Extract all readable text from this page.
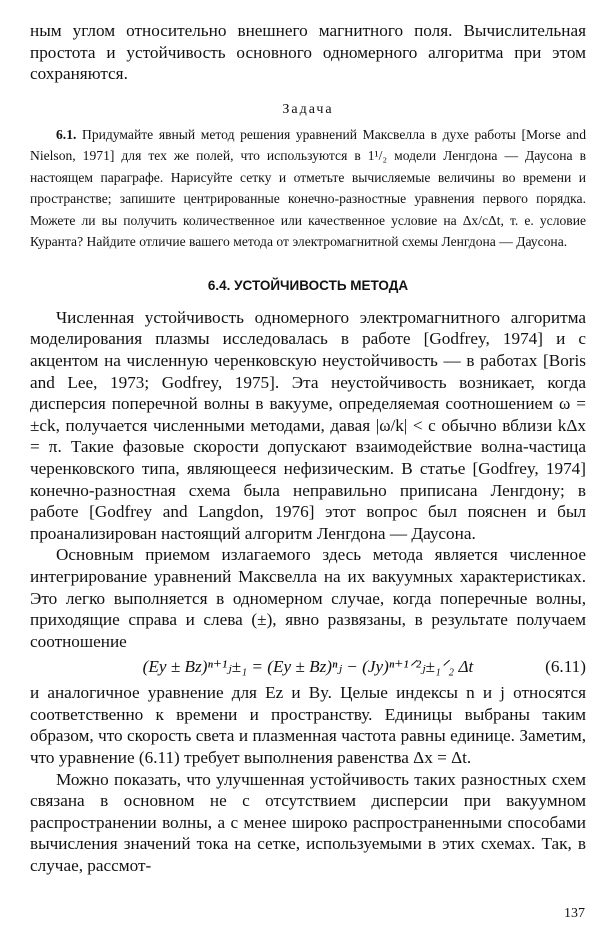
ным углом относительно внешнего магнитного поля. Вычислительная простота и устойчивость основного одномерного алгоритма при этом сохраняются.

Задача

6.1. Придумайте явный метод решения уравнений Максвелла в духе работы [Morse and Nielson, 1971] для тех же полей, что используются в 1¹/₂ модели Ленгдона — Даусона в настоящем параграфе. Нарисуйте сетку и отметьте вычисляемые величины во времени и пространстве; запишите центрированные конечно-разностные уравнения первого порядка. Можете ли вы получить количественное или качественное условие на Δx/cΔt, т. е. условие Куранта? Найдите отличие вашего метода от электромагнитной схемы Ленгдона — Даусона.

6.4. УСТОЙЧИВОСТЬ МЕТОДА

Численная устойчивость одномерного электромагнитного алгоритма моделирования плазмы исследовалась в работе [Godfrey, 1974] и с акцентом на численную черенковскую неустойчивость — в работах [Boris and Lee, 1973; Godfrey, 1975]. Эта неустойчивость возникает, когда дисперсия поперечной волны в вакууме, определяемая соотношением ω = ±ck, получается численными методами, давая |ω/k| < c обычно вблизи kΔx = π. Такие фазовые скорости допускают взаимодействие волна-частица черенковского типа, являющееся нефизическим. В статье [Godfrey, 1974] конечно-разностная схема была неправильно приписана Ленгдону; в работе [Godfrey and Langdon, 1976] этот вопрос был пояснен и был проанализирован настоящий алгоритм Ленгдона — Даусона.

Основным приемом излагаемого здесь метода является численное интегрирование уравнений Максвелла на их вакуумных характеристиках. Это легко выполняется в одномерном случае, когда поперечные волны, приходящие справа и слева (±), явно развязаны, в результате получаем соотношение

(Ey ± Bz)ⁿ⁺¹ⱼ±₁ = (Ey ± Bz)ⁿⱼ − (Jy)ⁿ⁺¹ᐟ²ⱼ±₁ᐟ₂ Δt	(6.11)

и аналогичное уравнение для Ez и By. Целые индексы n и j относятся соответственно к времени и пространству. Единицы выбраны таким образом, что скорость света и плазменная частота равны единице. Заметим, что уравнение (6.11) требует выполнения равенства Δx = Δt.

Можно показать, что улучшенная устойчивость таких разностных схем связана в основном не с отсутствием дисперсии при вакуумном распространении волны, а с менее широко распространенными способами вычисления значений тока на сетке, используемыми в этих схемах. Так, в случае, рассмот-

137
